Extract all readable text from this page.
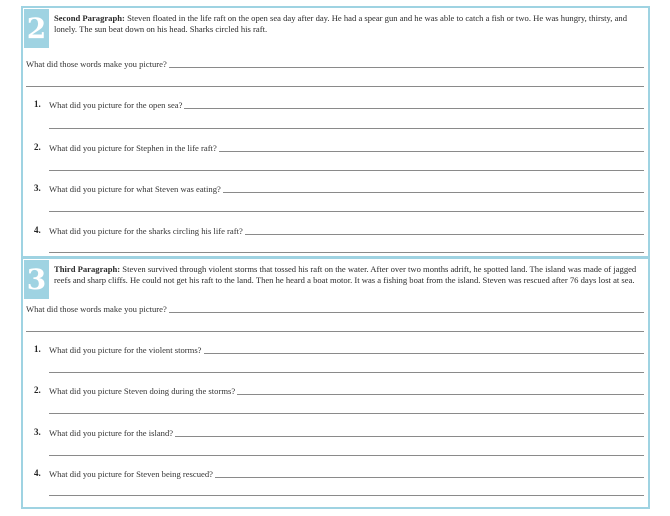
2 Second Paragraph: Steven floated in the life raft on the open sea day after day. He had a spear gun and he was able to catch a fish or two. He was hungry, thirsty, and lonely. The sun beat down on his head. Sharks circled his raft.
What did those words make you picture?
1. What did you picture for the open sea?
2. What did you picture for Stephen in the life raft?
3. What did you picture for what Steven was eating?
4. What did you picture for the sharks circling his life raft?
3 Third Paragraph: Steven survived through violent storms that tossed his raft on the water. After over two months adrift, he spotted land. The island was made of jagged reefs and sharp cliffs. He could not get his raft to the land. Then he heard a boat motor. It was a fishing boat from the island. Steven was rescued after 76 days lost at sea.
What did those words make you picture?
1. What did you picture for the violent storms?
2. What did you picture Steven doing during the storms?
3. What did you picture for the island?
4. What did you picture for Steven being rescued?
